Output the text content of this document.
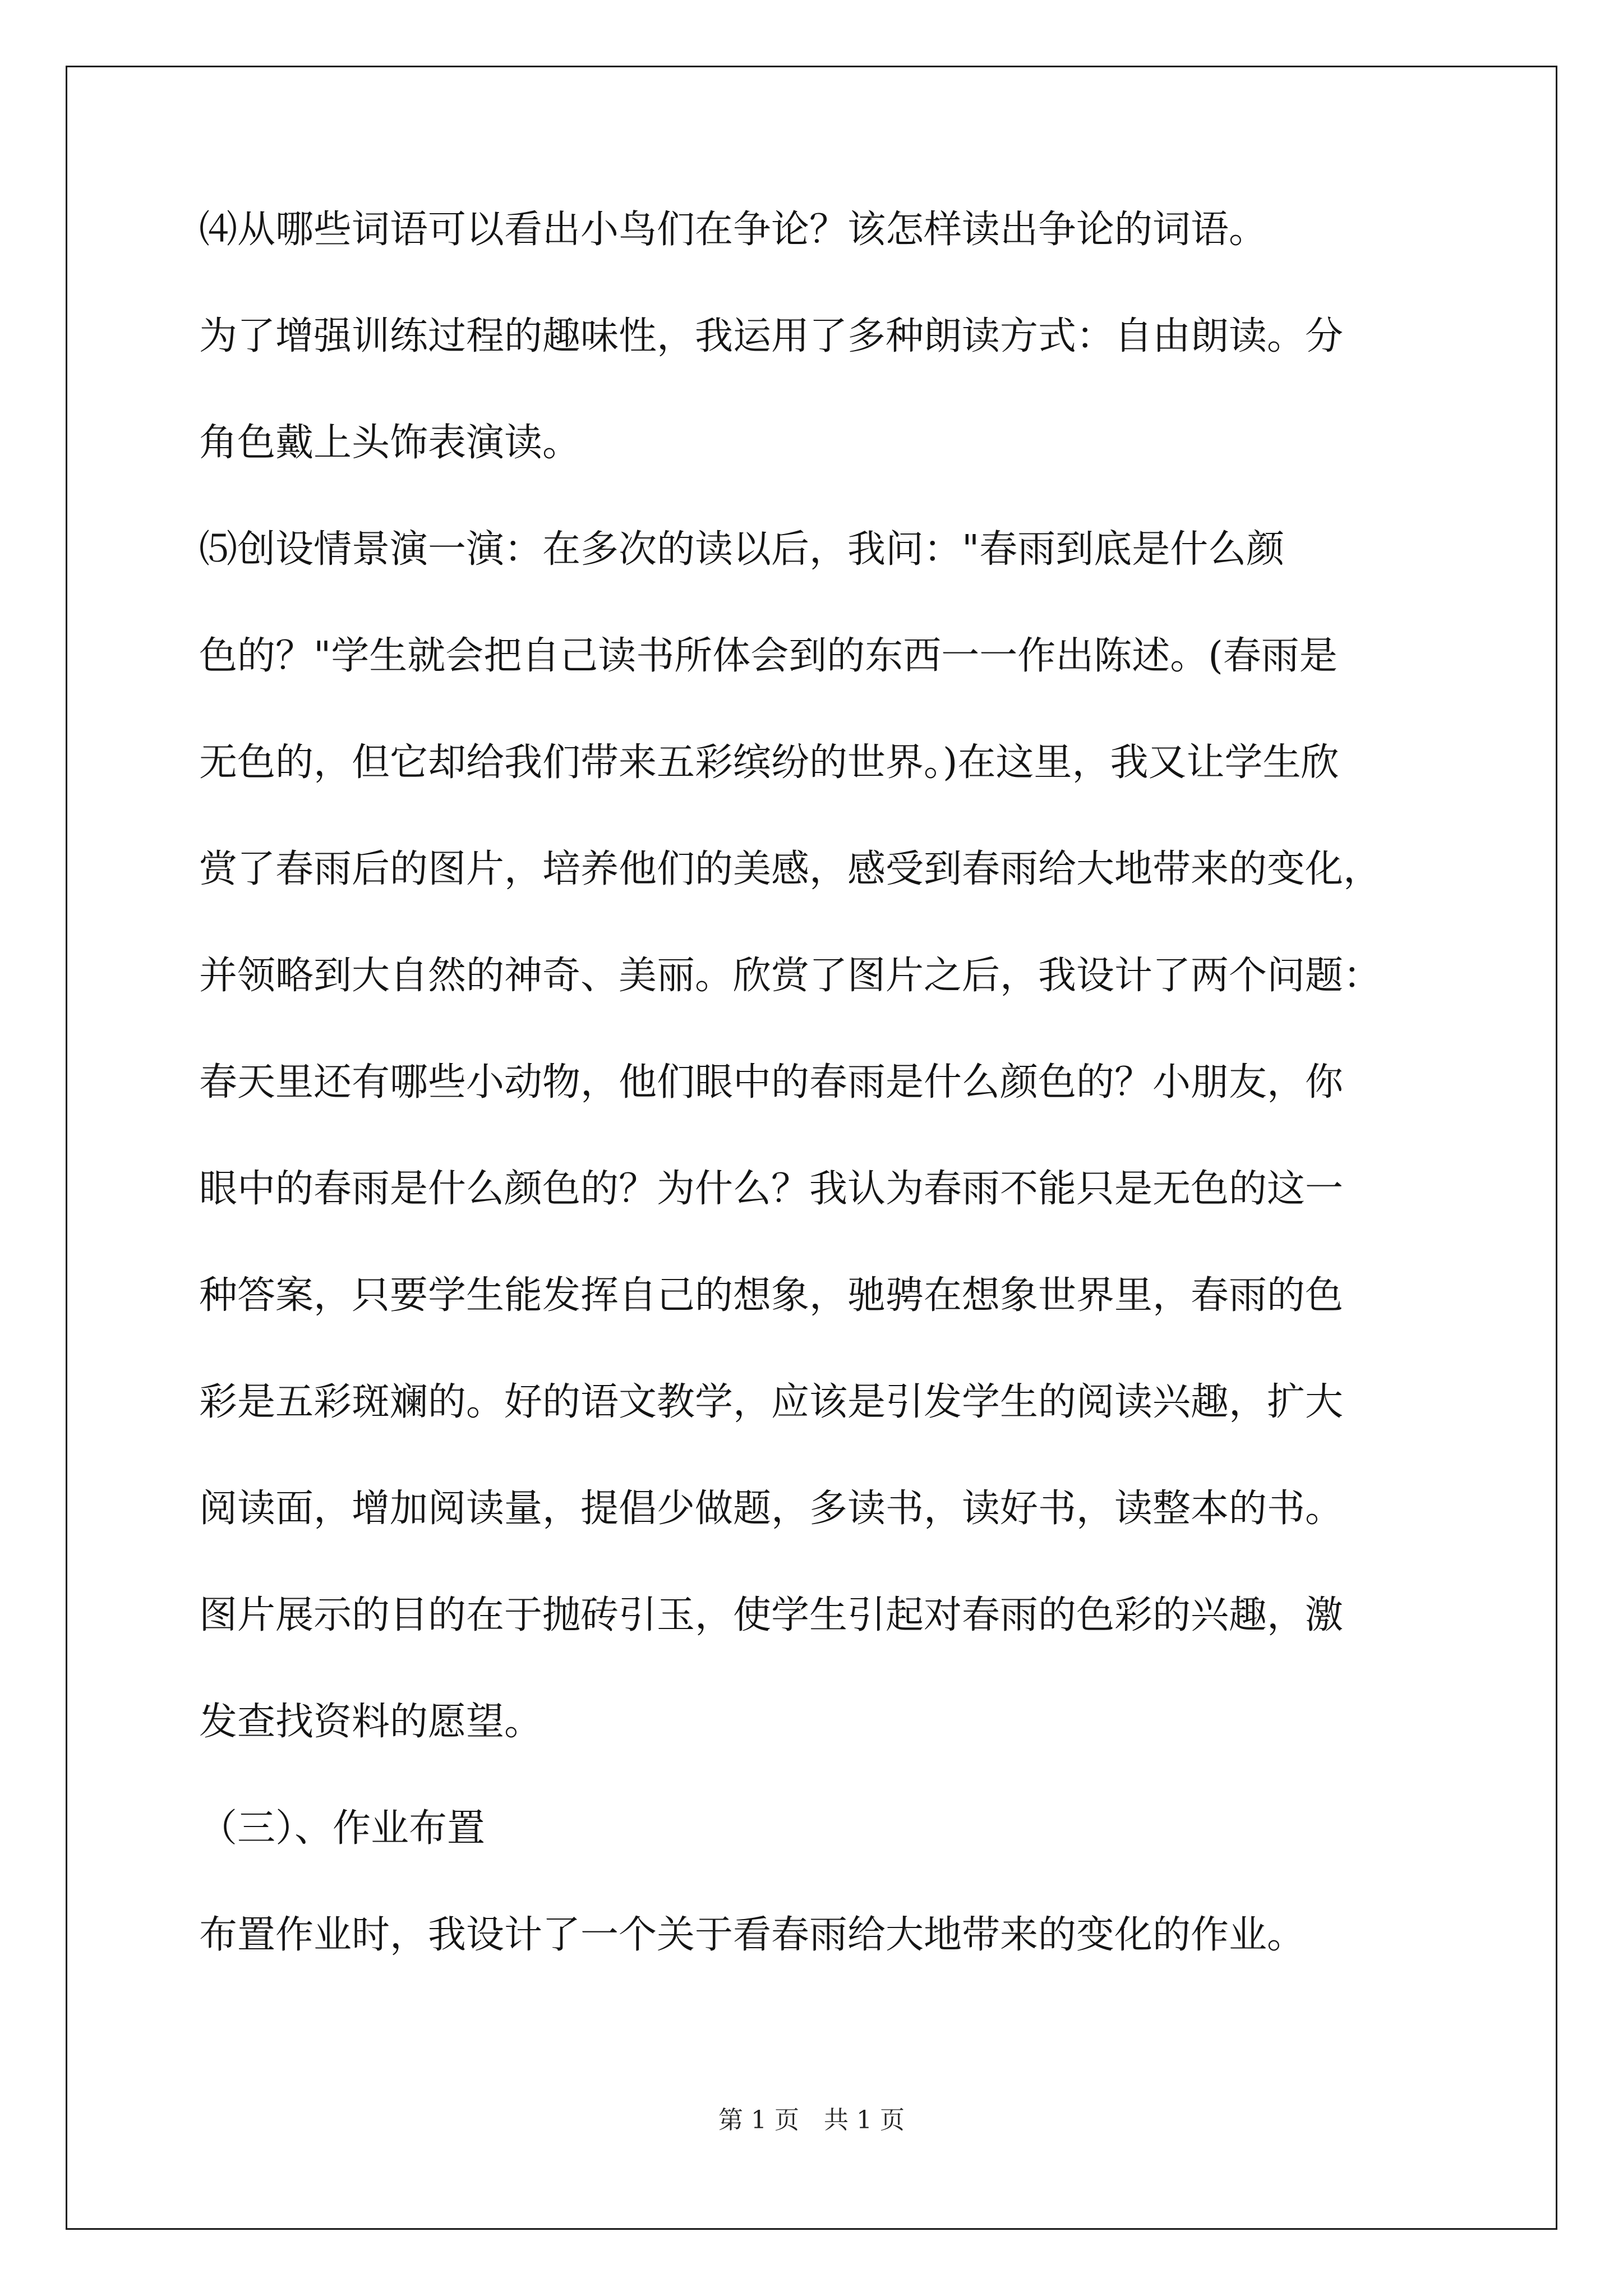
⑷从哪些词语可以看出小鸟们在争论？该怎样读出争论的词语。
为了增强训练过程的趣味性，我运用了多种朗读方式：自由朗读。分
角色戴上头饰表演读。
⑸创设情景演一演：在多次的读以后，我问："春雨到底是什么颜
色的？"学生就会把自己读书所体会到的东西一一作出陈述。(春雨是
无色的，但它却给我们带来五彩缤纷的世界。)在这里，我又让学生欣
赏了春雨后的图片，培养他们的美感，感受到春雨给大地带来的变化，
并领略到大自然的神奇、美丽。欣赏了图片之后，我设计了两个问题：
春天里还有哪些小动物，他们眼中的春雨是什么颜色的？小朋友，你
眼中的春雨是什么颜色的？为什么？我认为春雨不能只是无色的这一
种答案，只要学生能发挥自己的想象，驰骋在想象世界里，春雨的色
彩是五彩斑斓的。好的语文教学，应该是引发学生的阅读兴趣，扩大
阅读面，增加阅读量，提倡少做题，多读书，读好书，读整本的书。
图片展示的目的在于抛砖引玉，使学生引起对春雨的色彩的兴趣，激
发查找资料的愿望。
（三）、作业布置
布置作业时，我设计了一个关于看春雨给大地带来的变化的作业。
第 1 页　共 1 页
